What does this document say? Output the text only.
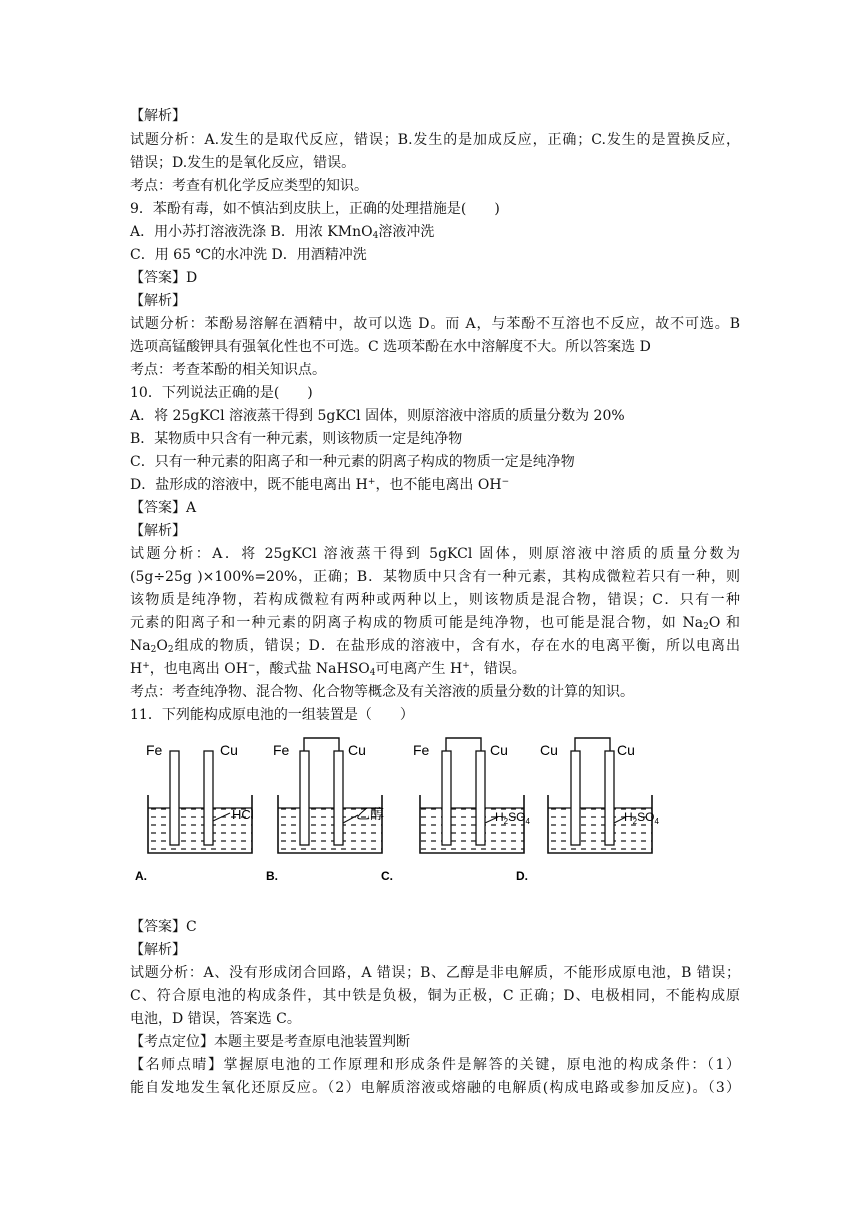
【解析】
试题分析：A.发生的是取代反应，错误；B.发生的是加成反应，正确；C.发生的是置换反应，
错误；D.发生的是氧化反应，错误。
考点：考查有机化学反应类型的知识。
9．苯酚有毒，如不慎沾到皮肤上，正确的处理措施是(　　)
A．用小苏打溶液洗涤 B．用浓 KMnO$_4$溶液冲洗
C．用 65 ℃的水冲洗 D．用酒精冲洗
【答案】D
【解析】
试题分析：苯酚易溶解在酒精中，故可以选 D。而 A，与苯酚不互溶也不反应，故不可选。B
选项高锰酸钾具有强氧化性也不可选。C 选项苯酚在水中溶解度不大。所以答案选 D
考点：考查苯酚的相关知识点。
10．下列说法正确的是(　　)
A．将 25gKCl 溶液蒸干得到 5gKCl 固体，则原溶液中溶质的质量分数为 20%
B．某物质中只含有一种元素，则该物质一定是纯净物
C．只有一种元素的阳离子和一种元素的阴离子构成的物质一定是纯净物
D．盐形成的溶液中，既不能电离出 H+，也不能电离出 OH−
【答案】A
【解析】
试题分析：A．将 25gKCl 溶液蒸干得到 5gKCl 固体，则原溶液中溶质的质量分数为
(5g÷25g )×100%=20%，正确；B．某物质中只含有一种元素，其构成微粒若只有一种，则
该物质是纯净物，若构成微粒有两种或两种以上，则该物质是混合物，错误；C．只有一种
元素的阳离子和一种元素的阴离子构成的物质可能是纯净物，也可能是混合物，如 $Na_2O$ 和
$Na_2O_2$组成的物质，错误；D．在盐形成的溶液中，含有水，存在水的电离平衡，所以电离出
H+，也电离出 OH−，酸式盐 NaHSO$_4$可电离产生 H+，错误。
考点：考查纯净物、混合物、化合物等概念及有关溶液的质量分数的计算的知识。
11．下列能构成原电池的一组装置是（　　）
Fe	Cu
HCl
A.
Fe	Cu
乙醇
B.
Fe	Cu
$H_2SO_4$
C.
Cu	Cu
$H_2SO_4$
D.
【答案】C
【解析】
试题分析：A、没有形成闭合回路，A 错误；B、乙醇是非电解质，不能形成原电池，B 错误；
C、符合原电池的构成条件，其中铁是负极，铜为正极，C 正确；D、电极相同，不能构成原
电池，D 错误，答案选 C。
【考点定位】本题主要是考查原电池装置判断
【名师点晴】掌握原电池的工作原理和形成条件是解答的关键，原电池的构成条件：（1）
能自发地发生氧化还原反应。（2）电解质溶液或熔融的电解质(构成电路或参加反应)。（3）
